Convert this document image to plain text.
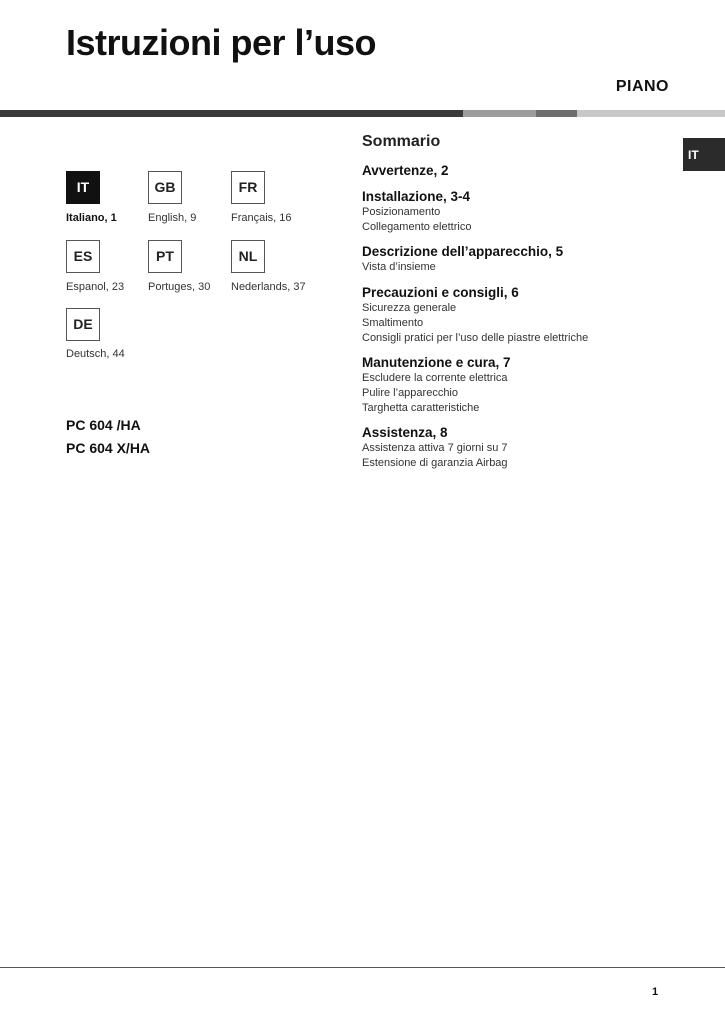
Istruzioni per l’uso
PIANO
IT
IT
Italiano, 1
GB
English, 9
FR
Français, 16
ES
Espanol, 23
PT
Portuges, 30
NL
Nederlands, 37
DE
Deutsch, 44
PC 604 /HA
PC 604 X/HA
Sommario
Avvertenze, 2
Installazione, 3-4
Posizionamento
Collegamento elettrico
Descrizione dell’apparecchio, 5
Vista d’insieme
Precauzioni e consigli, 6
Sicurezza generale
Smaltimento
Consigli pratici per l’uso delle piastre elettriche
Manutenzione e cura, 7
Escludere la corrente elettrica
Pulire l’apparecchio
Targhetta caratteristiche
Assistenza, 8
Assistenza attiva 7 giorni su 7
Estensione di garanzia Airbag
1
